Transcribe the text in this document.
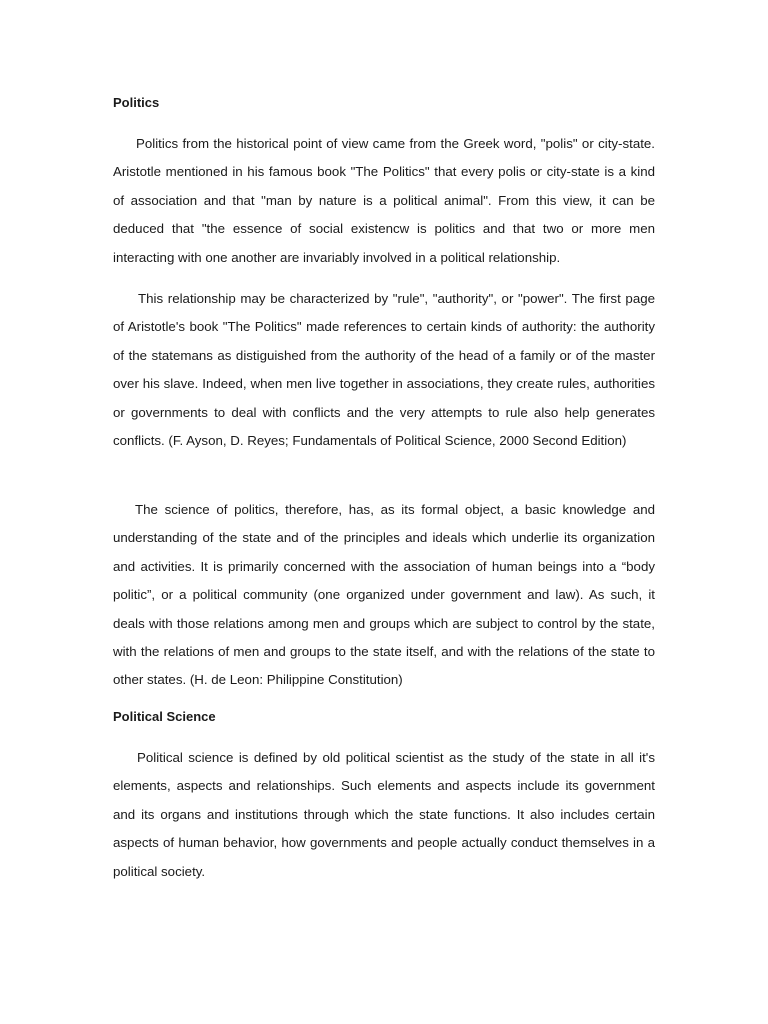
Politics

Politics from the historical point of view came from the Greek word, "polis" or city-state. Aristotle mentioned in his famous book "The Politics" that every polis or city-state is a kind of association and that "man by nature is a political animal". From this view, it can be deduced that "the essence of social existencw is politics and that two or more men interacting with one another are invariably involved in a political relationship.

This relationship may be characterized by "rule", "authority", or "power". The first page of Aristotle's book "The Politics" made references to certain kinds of authority: the authority of the statemans as distiguished from the authority of the head of a family or of the master over his slave. Indeed, when men live together in associations, they create rules, authorities or governments to deal with conflicts and the very attempts to rule also help generates conflicts. (F. Ayson, D. Reyes; Fundamentals of Political Science, 2000 Second Edition)

The science of politics, therefore, has, as its formal object, a basic knowledge and understanding of the state and of the principles and ideals which underlie its organization and activities. It is primarily concerned with the association of human beings into a “body politic”, or a political community (one organized under government and law). As such, it deals with those relations among men and groups which are subject to control by the state, with the relations of men and groups to the state itself, and with the relations of the state to other states. (H. de Leon: Philippine Constitution)

Political Science

Political science is defined by old political scientist as the study of the state in all it's elements, aspects and relationships. Such elements and aspects include its government and its organs and institutions through which the state functions. It also includes certain aspects of human behavior, how governments and people actually conduct themselves in a political society.
